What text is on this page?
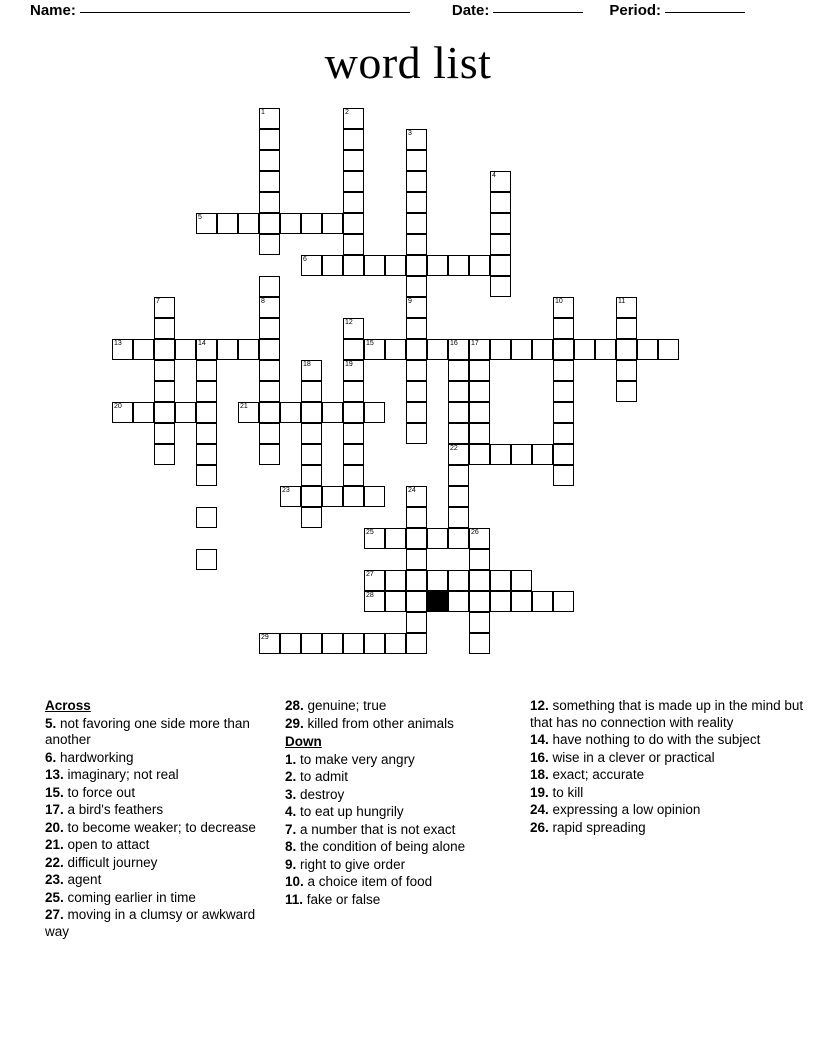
Name:	Date:	Period:
word list
1	2
3
4
5
6
7	8	9	10	11
12
13	14	15	16 17
18	19
20	21
22
23	24
25	26
27
28
29
Across
5. not favoring one side more than another
6. hardworking
13. imaginary; not real
15. to force out
17. a bird's feathers
20. to become weaker; to decrease
21. open to attact
22. difficult journey
23. agent
25. coming earlier in time
27. moving in a clumsy or awkward way
28. genuine; true
29. killed from other animals
Down
1. to make very angry
2. to admit
3. destroy
4. to eat up hungrily
7. a number that is not exact
8. the condition of being alone
9. right to give order
10. a choice item of food
11. fake or false
12. something that is made up in the mind but that has no connection with reality
14. have nothing to do with the subject
16. wise in a clever or practical
18. exact; accurate
19. to kill
24. expressing a low opinion
26. rapid spreading
